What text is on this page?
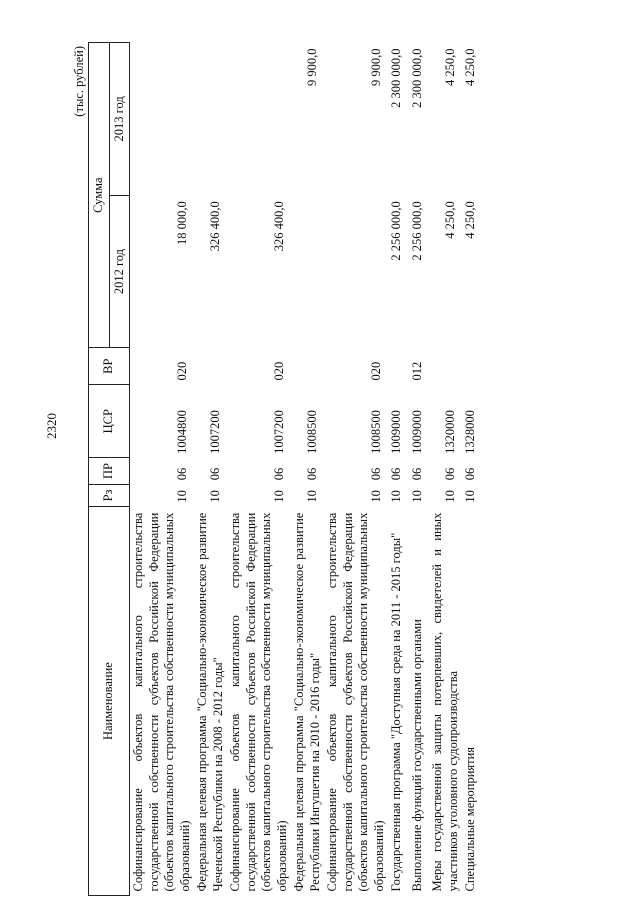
2320
(тыс. рублей)
Наименование	Рз	ПР	ЦСР	ВР	Сумма	
					2012 год	2013 год
Софинансирование объектов капитального строительства государственной собственности субъектов Российской Федерации (объектов капитального строительства собственности муниципальных образований)	10	06	1004800	020	18 000,0	
Федеральная целевая программа "Социально-экономическое развитие Чеченской Республики на 2008 - 2012 годы"	10	06	1007200		326 400,0	
Софинансирование объектов капитального строительства государственной собственности субъектов Российской Федерации (объектов капитального строительства собственности муниципальных образований)	10	06	1007200	020	326 400,0	
Федеральная целевая программа "Социально-экономическое развитие Республики Ингушетия на 2010 - 2016 годы"	10	06	1008500			9 900,0
Софинансирование объектов капитального строительства государственной собственности субъектов Российской Федерации (объектов капитального строительства собственности муниципальных образований)	10	06	1008500	020		9 900,0
Государственная программа "Доступная среда на 2011 - 2015 годы"	10	06	1009000		2 256 000,0	2 300 000,0
Выполнение функций государственными органами	10	06	1009000	012	2 256 000,0	2 300 000,0
Меры государственной защиты потерпевших, свидетелей и иных участников уголовного судопроизводства	10	06	1320000		4 250,0	4 250,0
Специальные мероприятия	10	06	1328000		4 250,0	4 250,0
